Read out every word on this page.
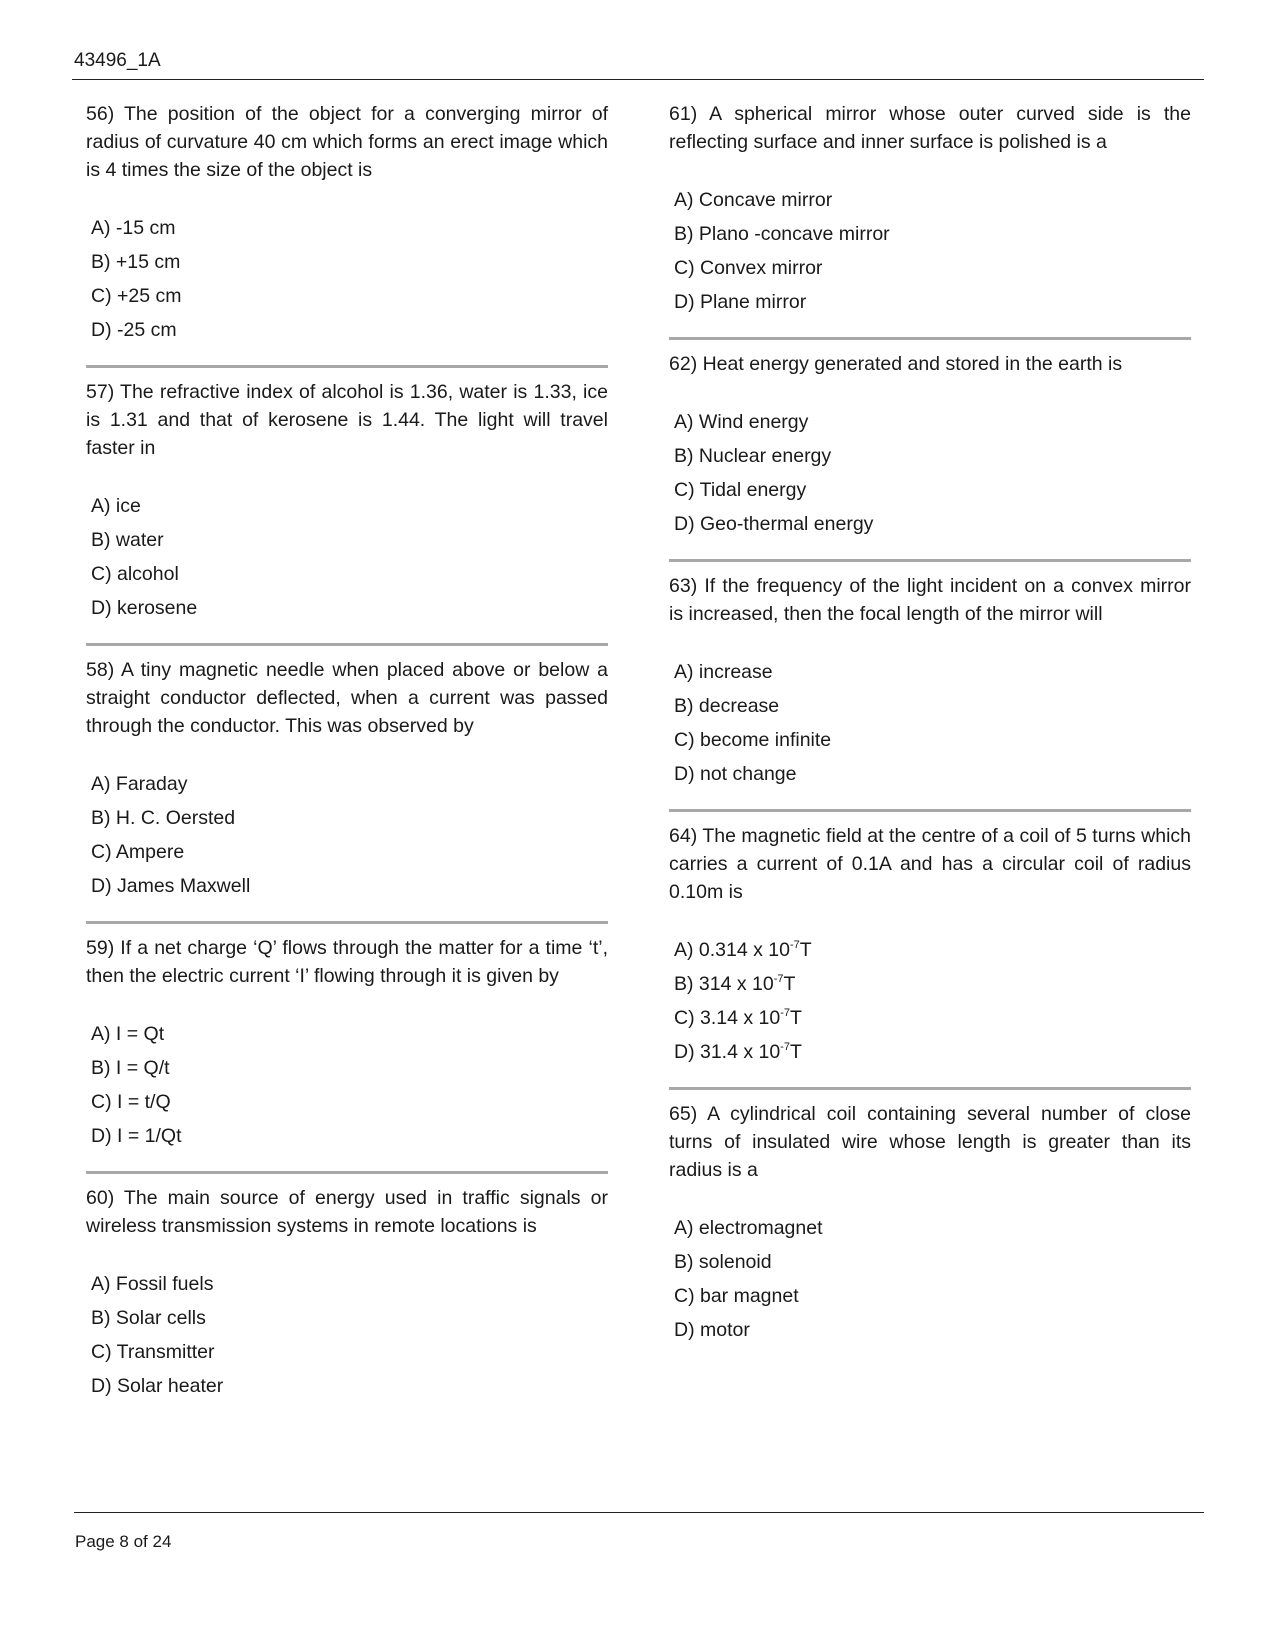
43496_1A

56) The position of the object for a converging mirror of radius of curvature 40 cm which forms an erect image which is 4 times the size of the object is

A) -15 cm
B) +15 cm
C) +25 cm
D) -25 cm

57) The refractive index of alcohol is 1.36, water is 1.33, ice is 1.31 and that of kerosene is 1.44. The light will travel faster in

A) ice
B) water
C) alcohol
D) kerosene

58) A tiny magnetic needle when placed above or below a straight conductor deflected, when a current was passed through the conductor. This was observed by

A) Faraday
B) H. C. Oersted
C) Ampere
D) James Maxwell

59) If a net charge ‘Q’ flows through the matter for a time ‘t’, then the electric current ‘I’ flowing through it is given by

A) I = Qt
B) I = Q/t
C) I = t/Q
D) I = 1/Qt

60) The main source of energy used in traffic signals or wireless transmission systems in remote locations is

A) Fossil fuels
B) Solar cells
C) Transmitter
D) Solar heater

61) A spherical mirror whose outer curved side is the reflecting surface and inner surface is polished is a

A) Concave mirror
B) Plano -concave mirror
C) Convex mirror
D) Plane mirror

62) Heat energy generated and stored in the earth is

A) Wind energy
B) Nuclear energy
C) Tidal energy
D) Geo-thermal energy

63) If the frequency of the light incident on a convex mirror is increased, then the focal length of the mirror will

A) increase
B) decrease
C) become infinite
D) not change

64) The magnetic field at the centre of a coil of 5 turns which carries a current of 0.1A and has a circular coil of radius 0.10m is

A) 0.314 x $10^{-7}T$
B) 314 x $10^{-7}T$
C) 3.14 x $10^{-7}T$
D) 31.4 x $10^{-7}T$

65) A cylindrical coil containing several number of close turns of insulated wire whose length is greater than its radius is a

A) electromagnet
B) solenoid
C) bar magnet
D) motor
Page 8 of 24
